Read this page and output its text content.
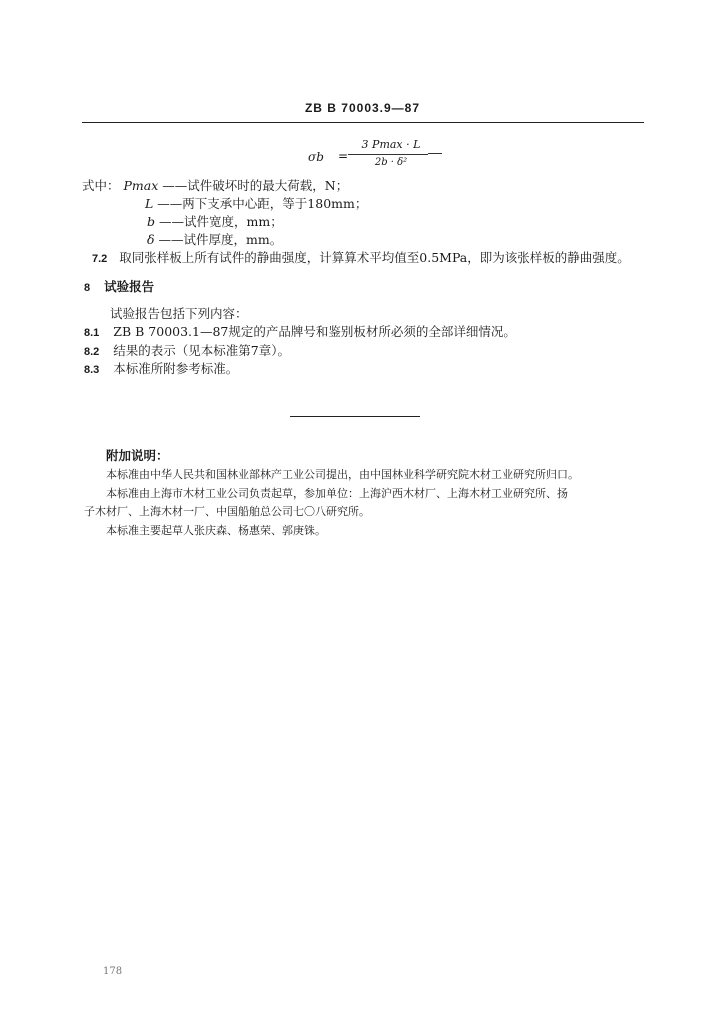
ZB B 70003.9—87
σb =
3 Pmax · L
2b · δ²
式中： Pmax ——试件破坏时的最大荷载，N；
L ——两下支承中心距，等于180mm；
b ——试件宽度，mm；
δ ——试件厚度，mm。
7.2 取同张样板上所有试件的静曲强度，计算算术平均值至0.5MPa，即为该张样板的静曲强度。
8 试验报告
试验报告包括下列内容：
8.1 ZB B 70003.1—87规定的产品牌号和鉴别板材所必须的全部详细情况。
8.2 结果的表示（见本标准第7章）。
8.3 本标准所附参考标准。
附加说明：
本标准由中华人民共和国林业部林产工业公司提出，由中国林业科学研究院木材工业研究所归口。
本标准由上海市木材工业公司负责起草，参加单位：上海沪西木材厂、上海木材工业研究所、扬
子木材厂、上海木材一厂、中国船舶总公司七〇八研究所。
本标准主要起草人张庆森、杨惠荣、郭庚铢。
178
